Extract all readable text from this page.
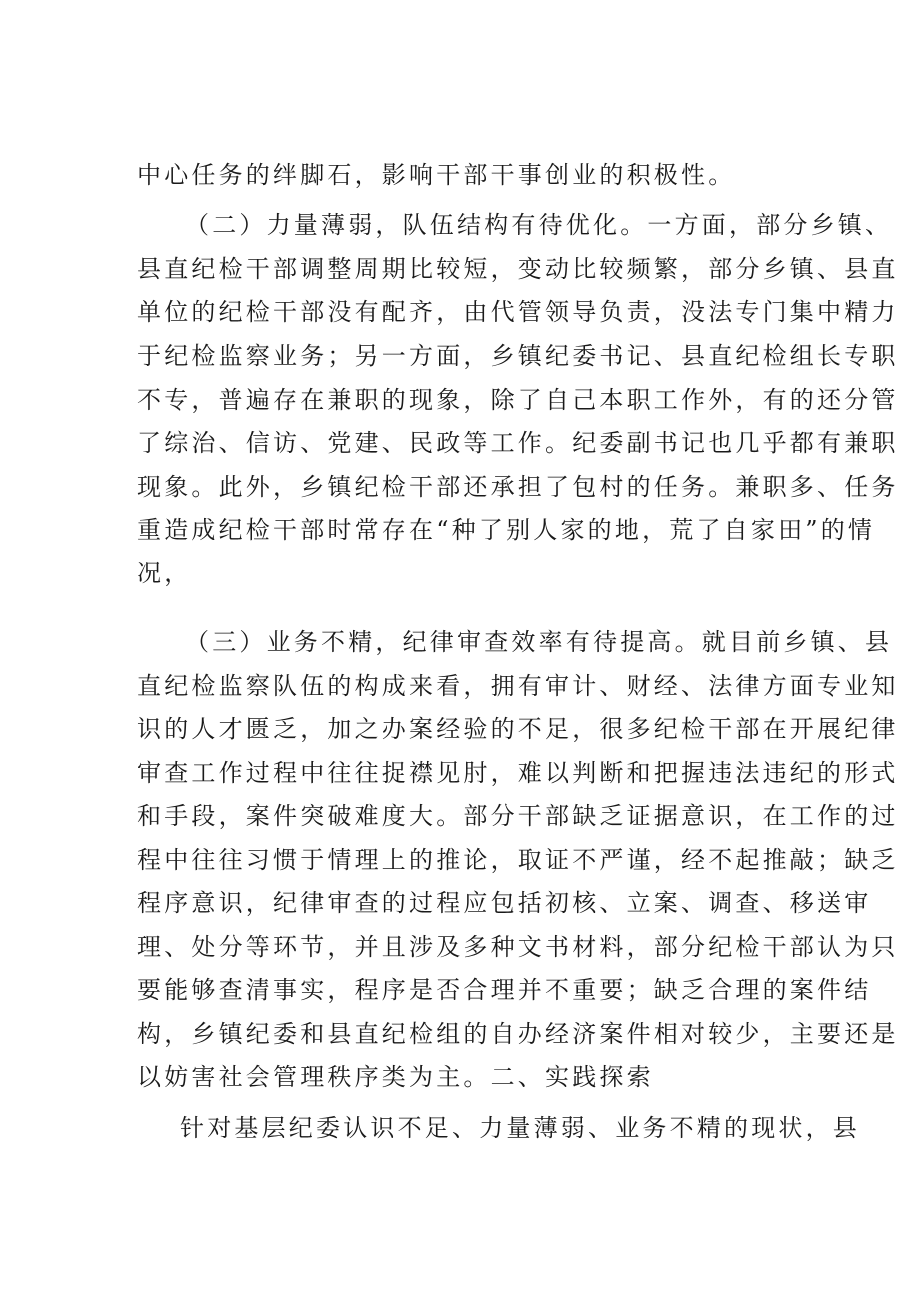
中心任务的绊脚石，影响干部干事创业的积极性。
（二）力量薄弱，队伍结构有待优化。一方面，部分乡镇、
县直纪检干部调整周期比较短，变动比较频繁，部分乡镇、县直
单位的纪检干部没有配齐，由代管领导负责，没法专门集中精力
于纪检监察业务；另一方面，乡镇纪委书记、县直纪检组长专职
不专，普遍存在兼职的现象，除了自己本职工作外，有的还分管
了综治、信访、党建、民政等工作。纪委副书记也几乎都有兼职
现象。此外，乡镇纪检干部还承担了包村的任务。兼职多、任务
重造成纪检干部时常存在“种了别人家的地，荒了自家田”的情
况，
（三）业务不精，纪律审查效率有待提高。就目前乡镇、县
直纪检监察队伍的构成来看，拥有审计、财经、法律方面专业知
识的人才匮乏，加之办案经验的不足，很多纪检干部在开展纪律
审查工作过程中往往捉襟见肘，难以判断和把握违法违纪的形式
和手段，案件突破难度大。部分干部缺乏证据意识，在工作的过
程中往往习惯于情理上的推论，取证不严谨，经不起推敲；缺乏
程序意识，纪律审查的过程应包括初核、立案、调查、移送审
理、处分等环节，并且涉及多种文书材料，部分纪检干部认为只
要能够查清事实，程序是否合理并不重要；缺乏合理的案件结
构，乡镇纪委和县直纪检组的自办经济案件相对较少，主要还是
以妨害社会管理秩序类为主。二、实践探索
针对基层纪委认识不足、力量薄弱、业务不精的现状，县
